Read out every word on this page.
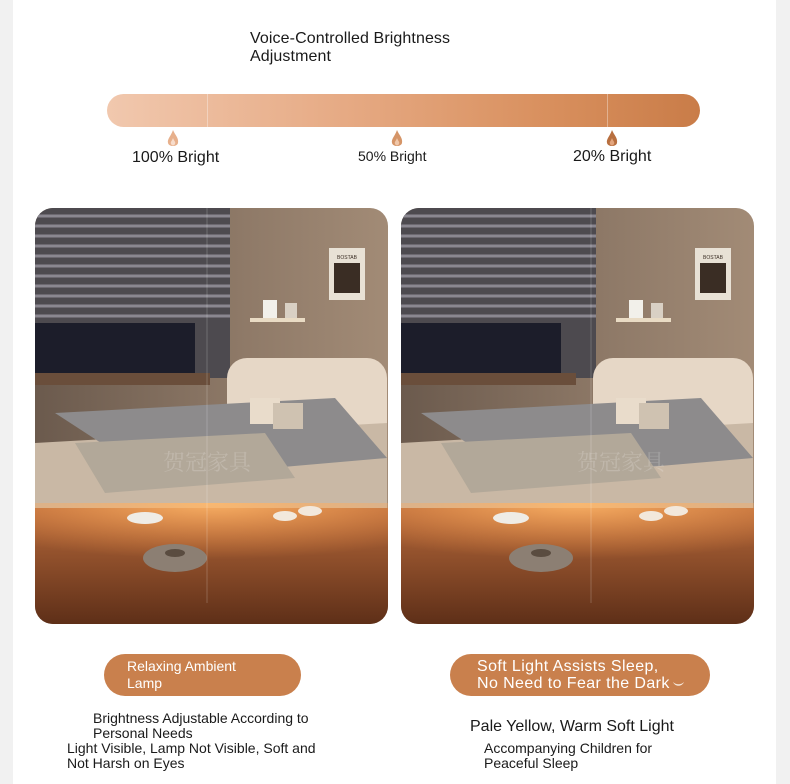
Voice-Controlled Brightness Adjustment
100% Bright	50% Bright	20% Bright
BOSTAB
贺冠家具
BOSTAB
贺冠家具
Relaxing Ambient Lamp
Brightness Adjustable According to Personal Needs
Light Visible, Lamp Not Visible, Soft and Not Harsh on Eyes
Soft Light Assists Sleep, No Need to Fear the Dark
Pale Yellow, Warm Soft Light
Accompanying Children for Peaceful Sleep
